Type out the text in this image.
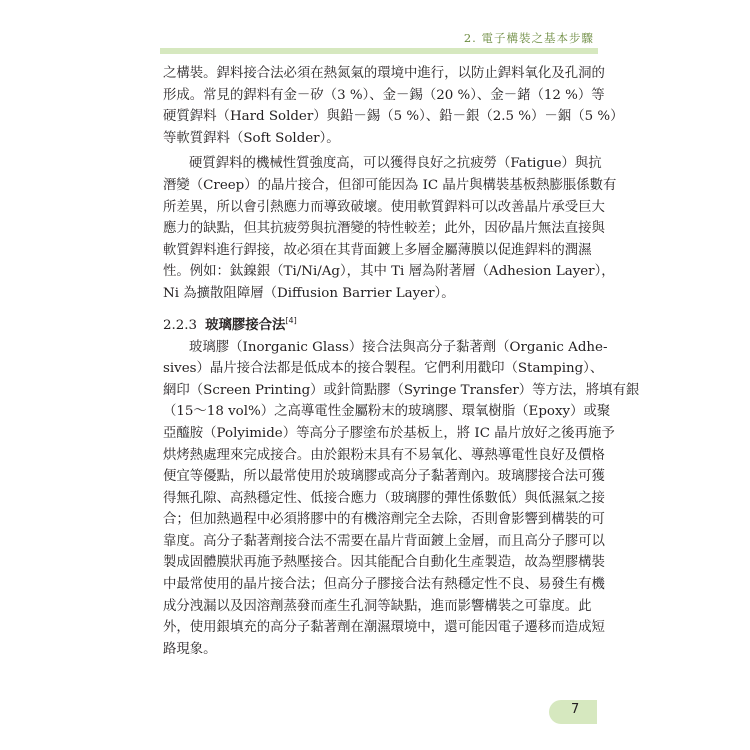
2. 電子構裝之基本步驟
之構裝。銲料接合法必須在熱氮氣的環境中進行，以防止銲料氧化及孔洞的
形成。常見的銲料有金－矽（3 %）、金－錫（20 %）、金－鍺（12 %）等
硬質銲料（Hard Solder）與鉛－錫（5 %）、鉛－銀（2.5 %）－銦（5 %）
等軟質銲料（Soft Solder）。
硬質銲料的機械性質強度高，可以獲得良好之抗疲勞（Fatigue）與抗
潛變（Creep）的晶片接合，但卻可能因為 IC 晶片與構裝基板熱膨脹係數有
所差異，所以會引熱應力而導致破壞。使用軟質銲料可以改善晶片承受巨大
應力的缺點，但其抗疲勞與抗潛變的特性較差；此外，因矽晶片無法直接與
軟質銲料進行銲接，故必須在其背面鍍上多層金屬薄膜以促進銲料的潤濕
性。例如：鈦鎳銀（Ti/Ni/Ag），其中 Ti 層為附著層（Adhesion Layer），
Ni 為擴散阻障層（Diffusion Barrier Layer）。
2.2.3 玻璃膠接合法[4]
玻璃膠（Inorganic Glass）接合法與高分子黏著劑（Organic Adhe-
sives）晶片接合法都是低成本的接合製程。它們利用戳印（Stamping）、
網印（Screen Printing）或針筒點膠（Syringe Transfer）等方法，將填有銀
（15～18 vol%）之高導電性金屬粉末的玻璃膠、環氧樹脂（Epoxy）或聚
亞醯胺（Polyimide）等高分子膠塗布於基板上，將 IC 晶片放好之後再施予
烘烤熱處理來完成接合。由於銀粉末具有不易氧化、導熱導電性良好及價格
便宜等優點，所以最常使用於玻璃膠或高分子黏著劑內。玻璃膠接合法可獲
得無孔隙、高熱穩定性、低接合應力（玻璃膠的彈性係數低）與低濕氣之接
合；但加熱過程中必須將膠中的有機溶劑完全去除，否則會影響到構裝的可
靠度。高分子黏著劑接合法不需要在晶片背面鍍上金層，而且高分子膠可以
製成固體膜狀再施予熱壓接合。因其能配合自動化生產製造，故為塑膠構裝
中最常使用的晶片接合法；但高分子膠接合法有熱穩定性不良、易發生有機
成分洩漏以及因溶劑蒸發而產生孔洞等缺點，進而影響構裝之可靠度。此
外，使用銀填充的高分子黏著劑在潮濕環境中，還可能因電子遷移而造成短
路現象。
7
